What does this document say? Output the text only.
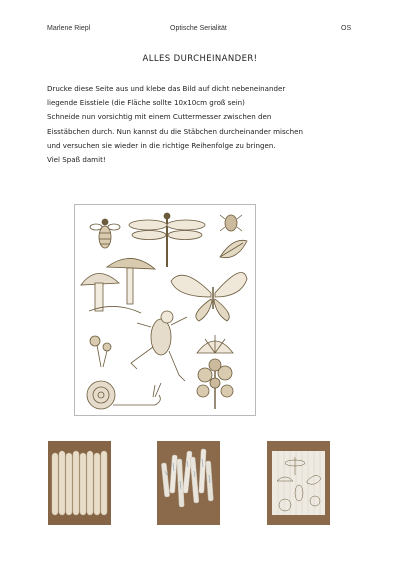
Marlene Riepl	Optische Serialität	OS
ALLES DURCHEINANDER!
Drucke diese Seite aus und klebe das Bild auf dicht nebeneinander
liegende Eisstiele (die Fläche sollte 10x10cm groß sein)
Schneide nun vorsichtig mit einem Cuttermesser zwischen den
Eisstäbchen durch. Nun kannst du die Stäbchen durcheinander mischen
und versuchen sie wieder in die richtige Reihenfolge zu bringen.
Viel Spaß damit!
